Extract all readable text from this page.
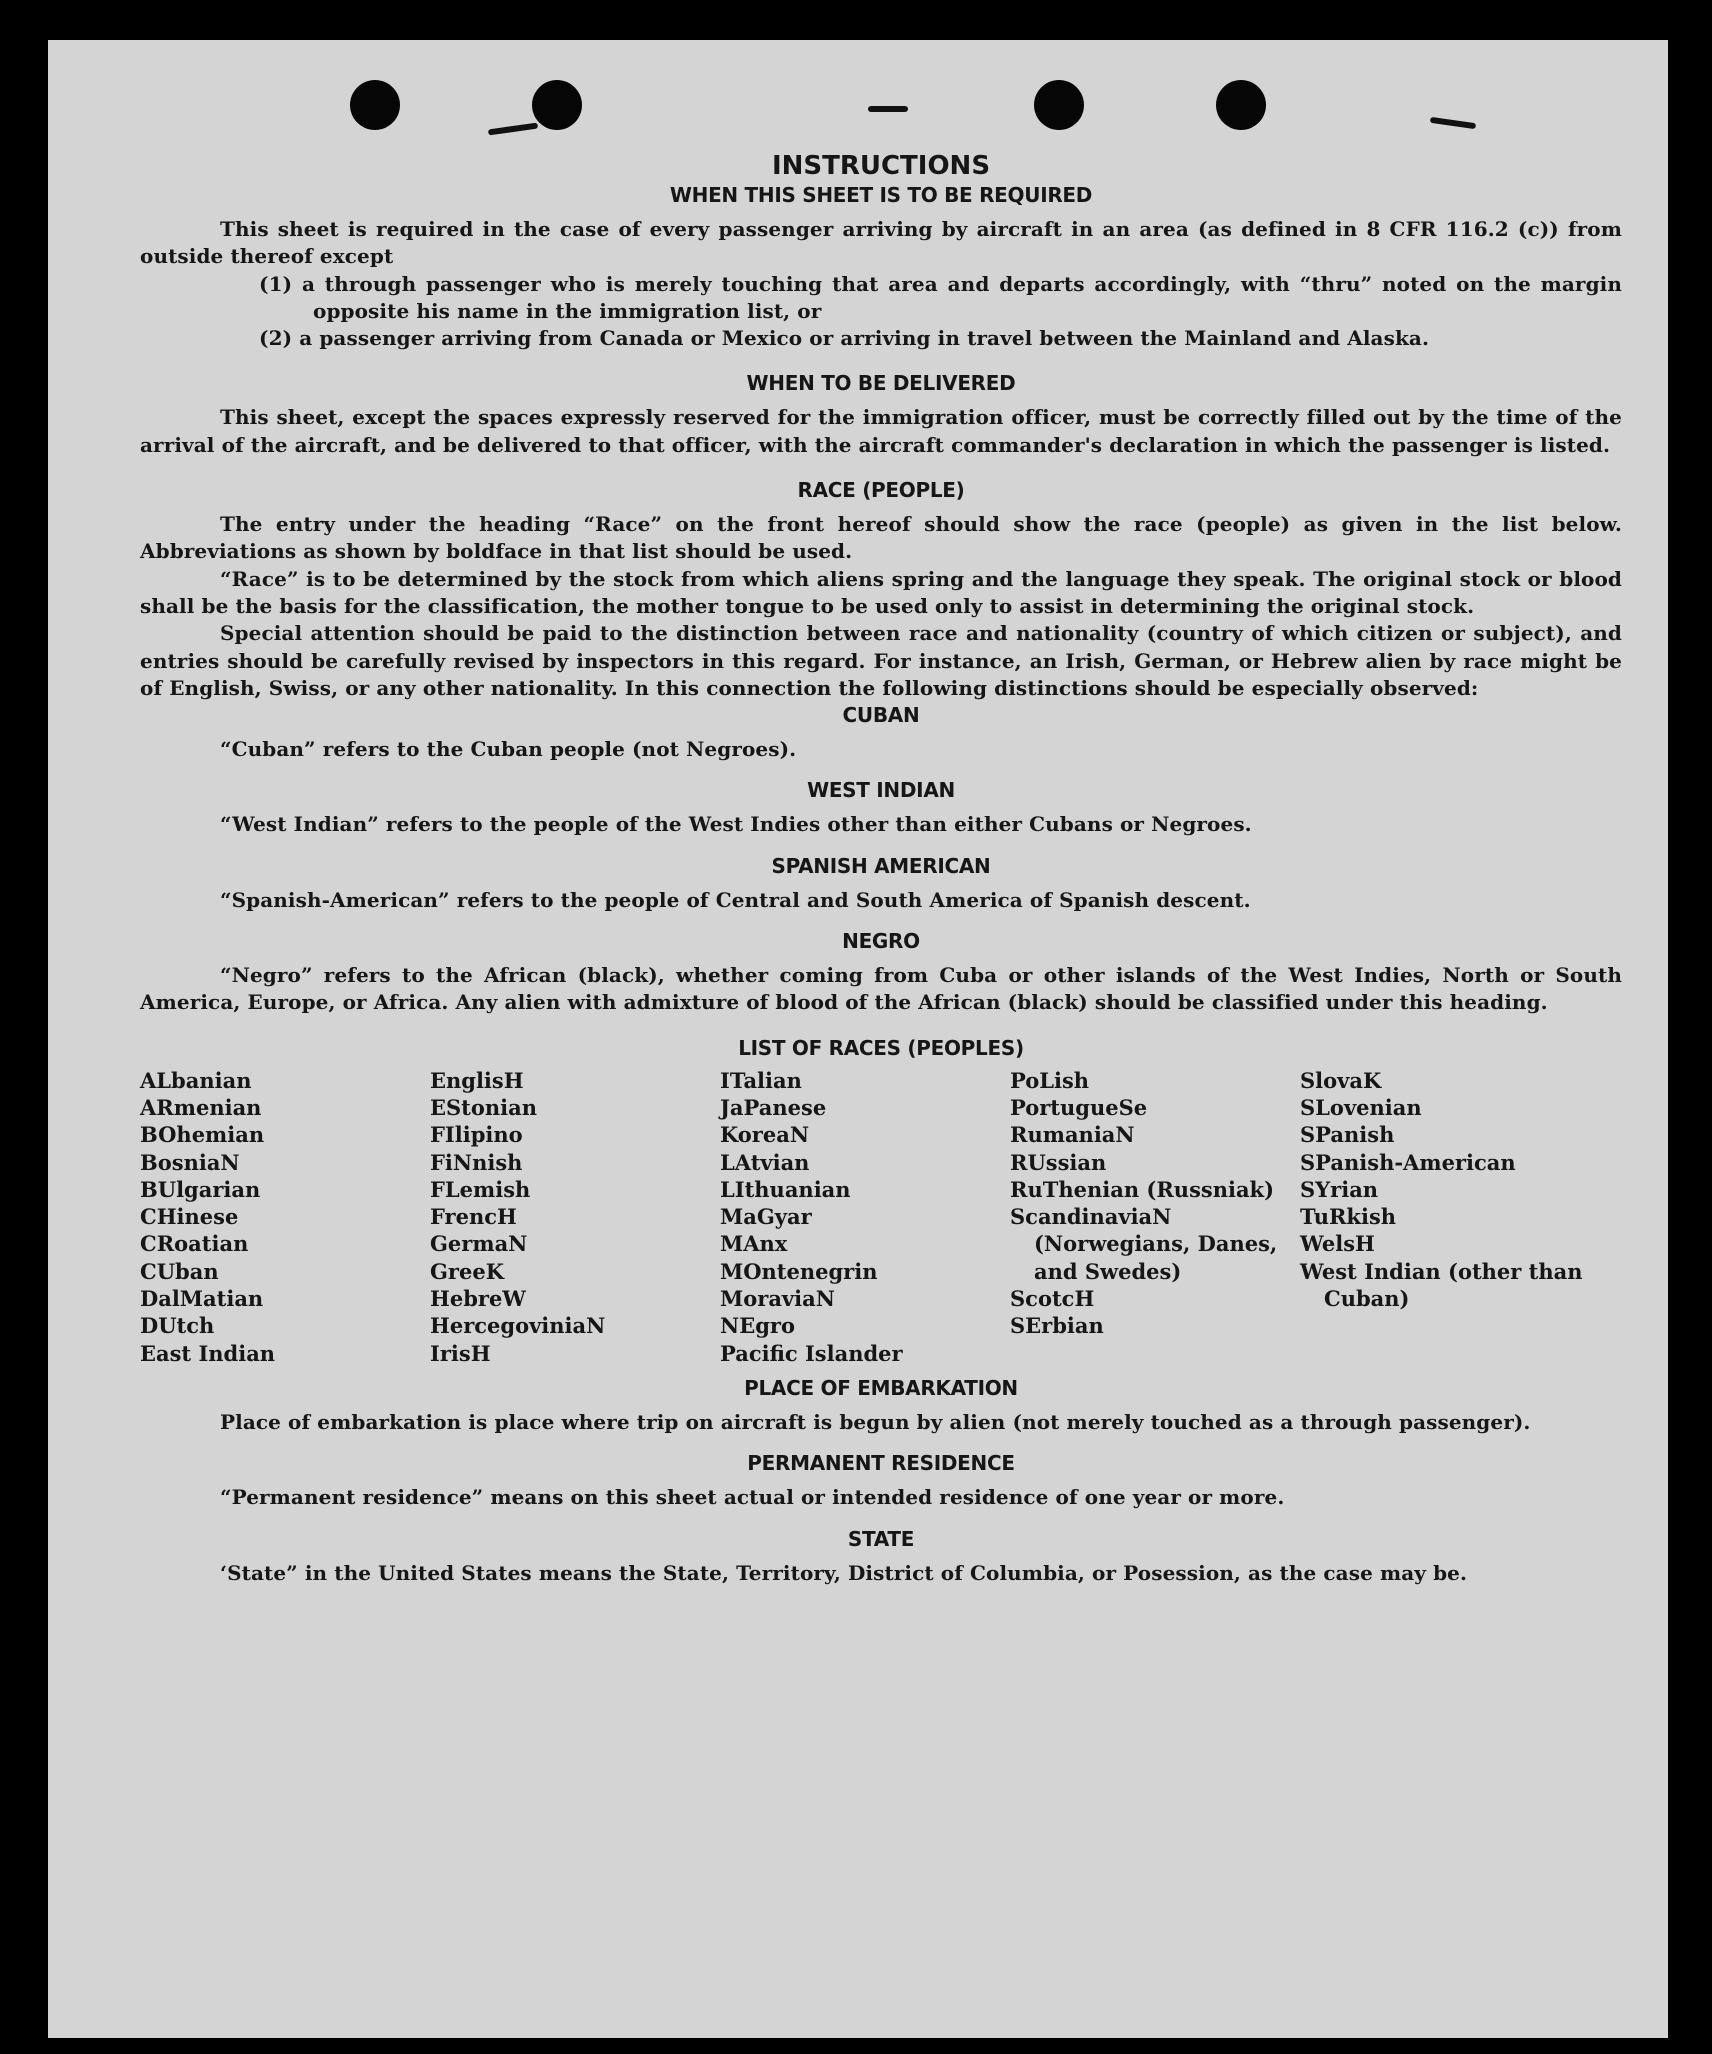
INSTRUCTIONS
WHEN THIS SHEET IS TO BE REQUIRED

This sheet is required in the case of every passenger arriving by aircraft in an area (as defined in 8 CFR 116.2 (c)) from outside thereof except

(1) a through passenger who is merely touching that area and departs accordingly, with “thru” noted on the margin opposite his name in the immigration list, or
(2) a passenger arriving from Canada or Mexico or arriving in travel between the Mainland and Alaska.
WHEN TO BE DELIVERED

This sheet, except the spaces expressly reserved for the immigration officer, must be correctly filled out by the time of the arrival of the aircraft, and be delivered to that officer, with the aircraft commander's declaration in which the passenger is listed.

RACE (PEOPLE)

The entry under the heading “Race” on the front hereof should show the race (people) as given in the list below. Abbreviations as shown by boldface in that list should be used.

“Race” is to be determined by the stock from which aliens spring and the language they speak. The original stock or blood shall be the basis for the classification, the mother tongue to be used only to assist in determining the original stock.

Special attention should be paid to the distinction between race and nationality (country of which citizen or subject), and entries should be carefully revised by inspectors in this regard. For instance, an Irish, German, or Hebrew alien by race might be of English, Swiss, or any other nationality. In this connection the following distinctions should be especially observed:

CUBAN

“Cuban” refers to the Cuban people (not Negroes).

WEST INDIAN

“West Indian” refers to the people of the West Indies other than either Cubans or Negroes.

SPANISH AMERICAN

“Spanish-American” refers to the people of Central and South America of Spanish descent.

NEGRO

“Negro” refers to the African (black), whether coming from Cuba or other islands of the West Indies, North or South America, Europe, or Africa. Any alien with admixture of blood of the African (black) should be classified under this heading.

LIST OF RACES (PEOPLES)
ALbanian
ARmenian
BOhemian
BosniaN
BUlgarian
CHinese
CRoatian
CUban
DalMatian
DUtch
East Indian
EnglisH
EStonian
FIlipino
FiNnish
FLemish
FrencH
GermaN
GreeK
HebreW
HercegoviniaN
IrisH
ITalian
JaPanese
KoreaN
LAtvian
LIthuanian
MaGyar
MAnx
MOntenegrin
MoraviaN
NEgro
Pacific Islander
PoLish
PortugueSe
RumaniaN
RUssian
RuThenian (Russniak)
ScandinaviaN (Norwegians, Danes, and Swedes)
ScotcH
SErbian
SlovaK
SLovenian
SPanish
SPanish-American
SYrian
TuRkish
WelsH
West Indian (other than Cuban)
PLACE OF EMBARKATION

Place of embarkation is place where trip on aircraft is begun by alien (not merely touched as a through passenger).

PERMANENT RESIDENCE

“Permanent residence” means on this sheet actual or intended residence of one year or more.

STATE

‘State” in the United States means the State, Territory, District of Columbia, or Posession, as the case may be.
